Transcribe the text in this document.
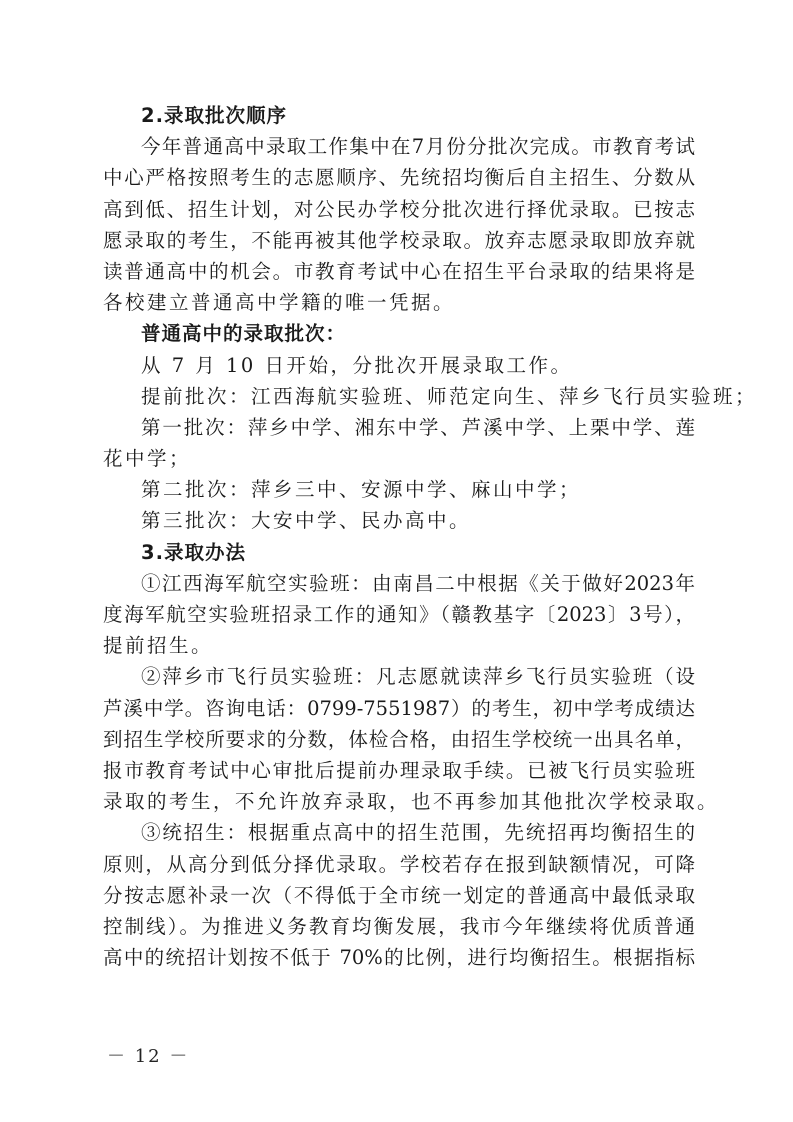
2.录取批次顺序
今年普通高中录取工作集中在7月份分批次完成。市教育考试
中心严格按照考生的志愿顺序、先统招均衡后自主招生、分数从
高到低、招生计划，对公民办学校分批次进行择优录取。已按志
愿录取的考生，不能再被其他学校录取。放弃志愿录取即放弃就
读普通高中的机会。市教育考试中心在招生平台录取的结果将是
各校建立普通高中学籍的唯一凭据。
普通高中的录取批次：
从 7 月 10 日开始，分批次开展录取工作。
提前批次：江西海航实验班、师范定向生、萍乡飞行员实验班；
第一批次：萍乡中学、湘东中学、芦溪中学、上栗中学、莲
花中学；
第二批次：萍乡三中、安源中学、麻山中学；
第三批次：大安中学、民办高中。
3.录取办法
①江西海军航空实验班：由南昌二中根据《关于做好2023年
度海军航空实验班招录工作的通知》（赣教基字〔2023〕3号），
提前招生。
②萍乡市飞行员实验班：凡志愿就读萍乡飞行员实验班（设
芦溪中学。咨询电话：0799-7551987）的考生，初中学考成绩达
到招生学校所要求的分数，体检合格，由招生学校统一出具名单，
报市教育考试中心审批后提前办理录取手续。已被飞行员实验班
录取的考生，不允许放弃录取，也不再参加其他批次学校录取。
③统招生：根据重点高中的招生范围，先统招再均衡招生的
原则，从高分到低分择优录取。学校若存在报到缺额情况，可降
分按志愿补录一次（不得低于全市统一划定的普通高中最低录取
控制线）。为推进义务教育均衡发展，我市今年继续将优质普通
高中的统招计划按不低于 70%的比例，进行均衡招生。根据指标
－ 12 －
